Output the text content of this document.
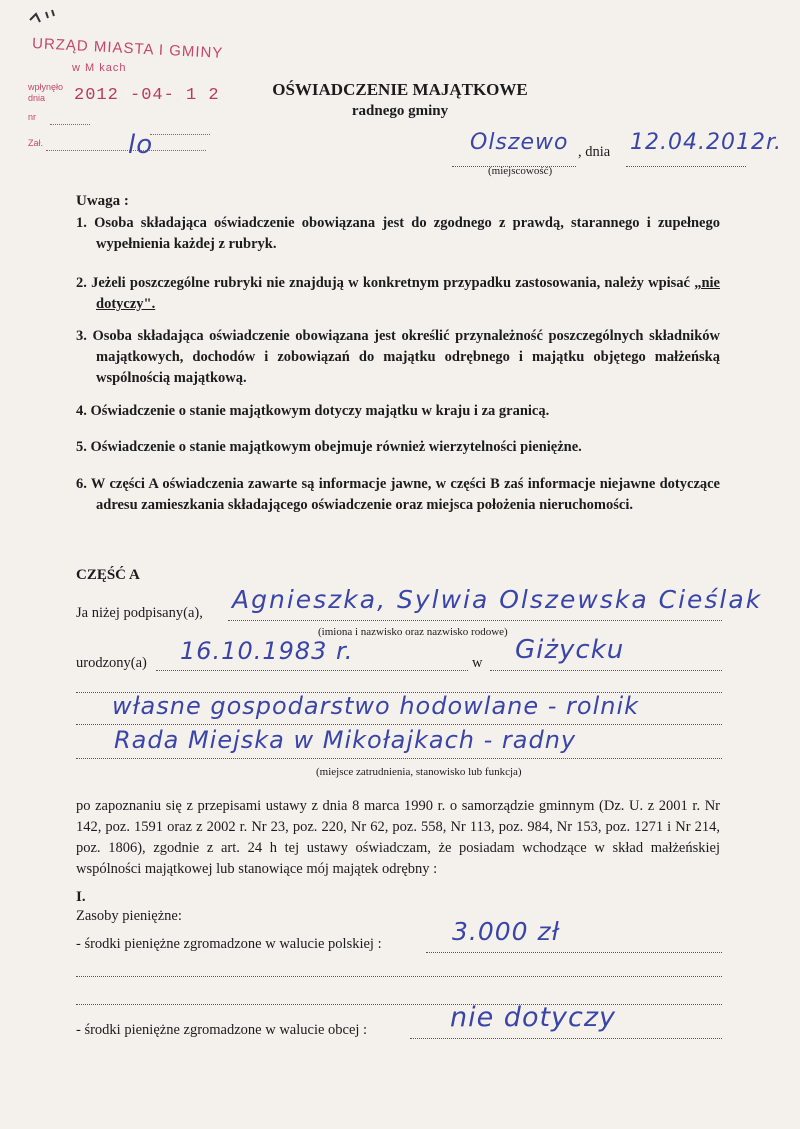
URZĄD MIASTA I GMINY
w M kach
wpłynęło
dnia	2012 -04- 1 2
nr
Zał.	lo
OŚWIADCZENIE MAJĄTKOWE
radnego gminy
Olszewo , dnia 12.04.2012r.
(miejscowość)
Uwaga :
1. Osoba składająca oświadczenie obowiązana jest do zgodnego z prawdą, starannego i zupełnego wypełnienia każdej z rubryk.
2. Jeżeli poszczególne rubryki nie znajdują w konkretnym przypadku zastosowania, należy wpisać „nie dotyczy".
3. Osoba składająca oświadczenie obowiązana jest określić przynależność poszczególnych składników majątkowych, dochodów i zobowiązań do majątku odrębnego i majątku objętego małżeńską wspólnością majątkową.
4. Oświadczenie o stanie majątkowym dotyczy majątku w kraju i za granicą.
5. Oświadczenie o stanie majątkowym obejmuje również wierzytelności pieniężne.
6. W części A oświadczenia zawarte są informacje jawne, w części B zaś informacje niejawne dotyczące adresu zamieszkania składającego oświadczenie oraz miejsca położenia nieruchomości.
CZĘŚĆ A
Ja niżej podpisany(a), Agnieszka, Sylwia Olszewska Cieślak
(imiona i nazwisko oraz nazwisko rodowe)
urodzony(a) 16.10.1983 r.	w Giżycku
własne gospodarstwo hodowlane - rolnik
Rada Miejska w Mikołajkach - radny
(miejsce zatrudnienia, stanowisko lub funkcja)
po zapoznaniu się z przepisami ustawy z dnia 8 marca 1990 r. o samorządzie gminnym (Dz. U. z 2001 r. Nr 142, poz. 1591 oraz z 2002 r. Nr 23, poz. 220, Nr 62, poz. 558, Nr 113, poz. 984, Nr 153, poz. 1271 i Nr 214, poz. 1806), zgodnie z art. 24 h tej ustawy oświadczam, że posiadam wchodzące w skład małżeńskiej wspólności majątkowej lub stanowiące mój majątek odrębny :
I.
Zasoby pieniężne:
- środki pieniężne zgromadzone w walucie polskiej :	3.000 zł
- środki pieniężne zgromadzone w walucie obcej :	nie dotyczy
